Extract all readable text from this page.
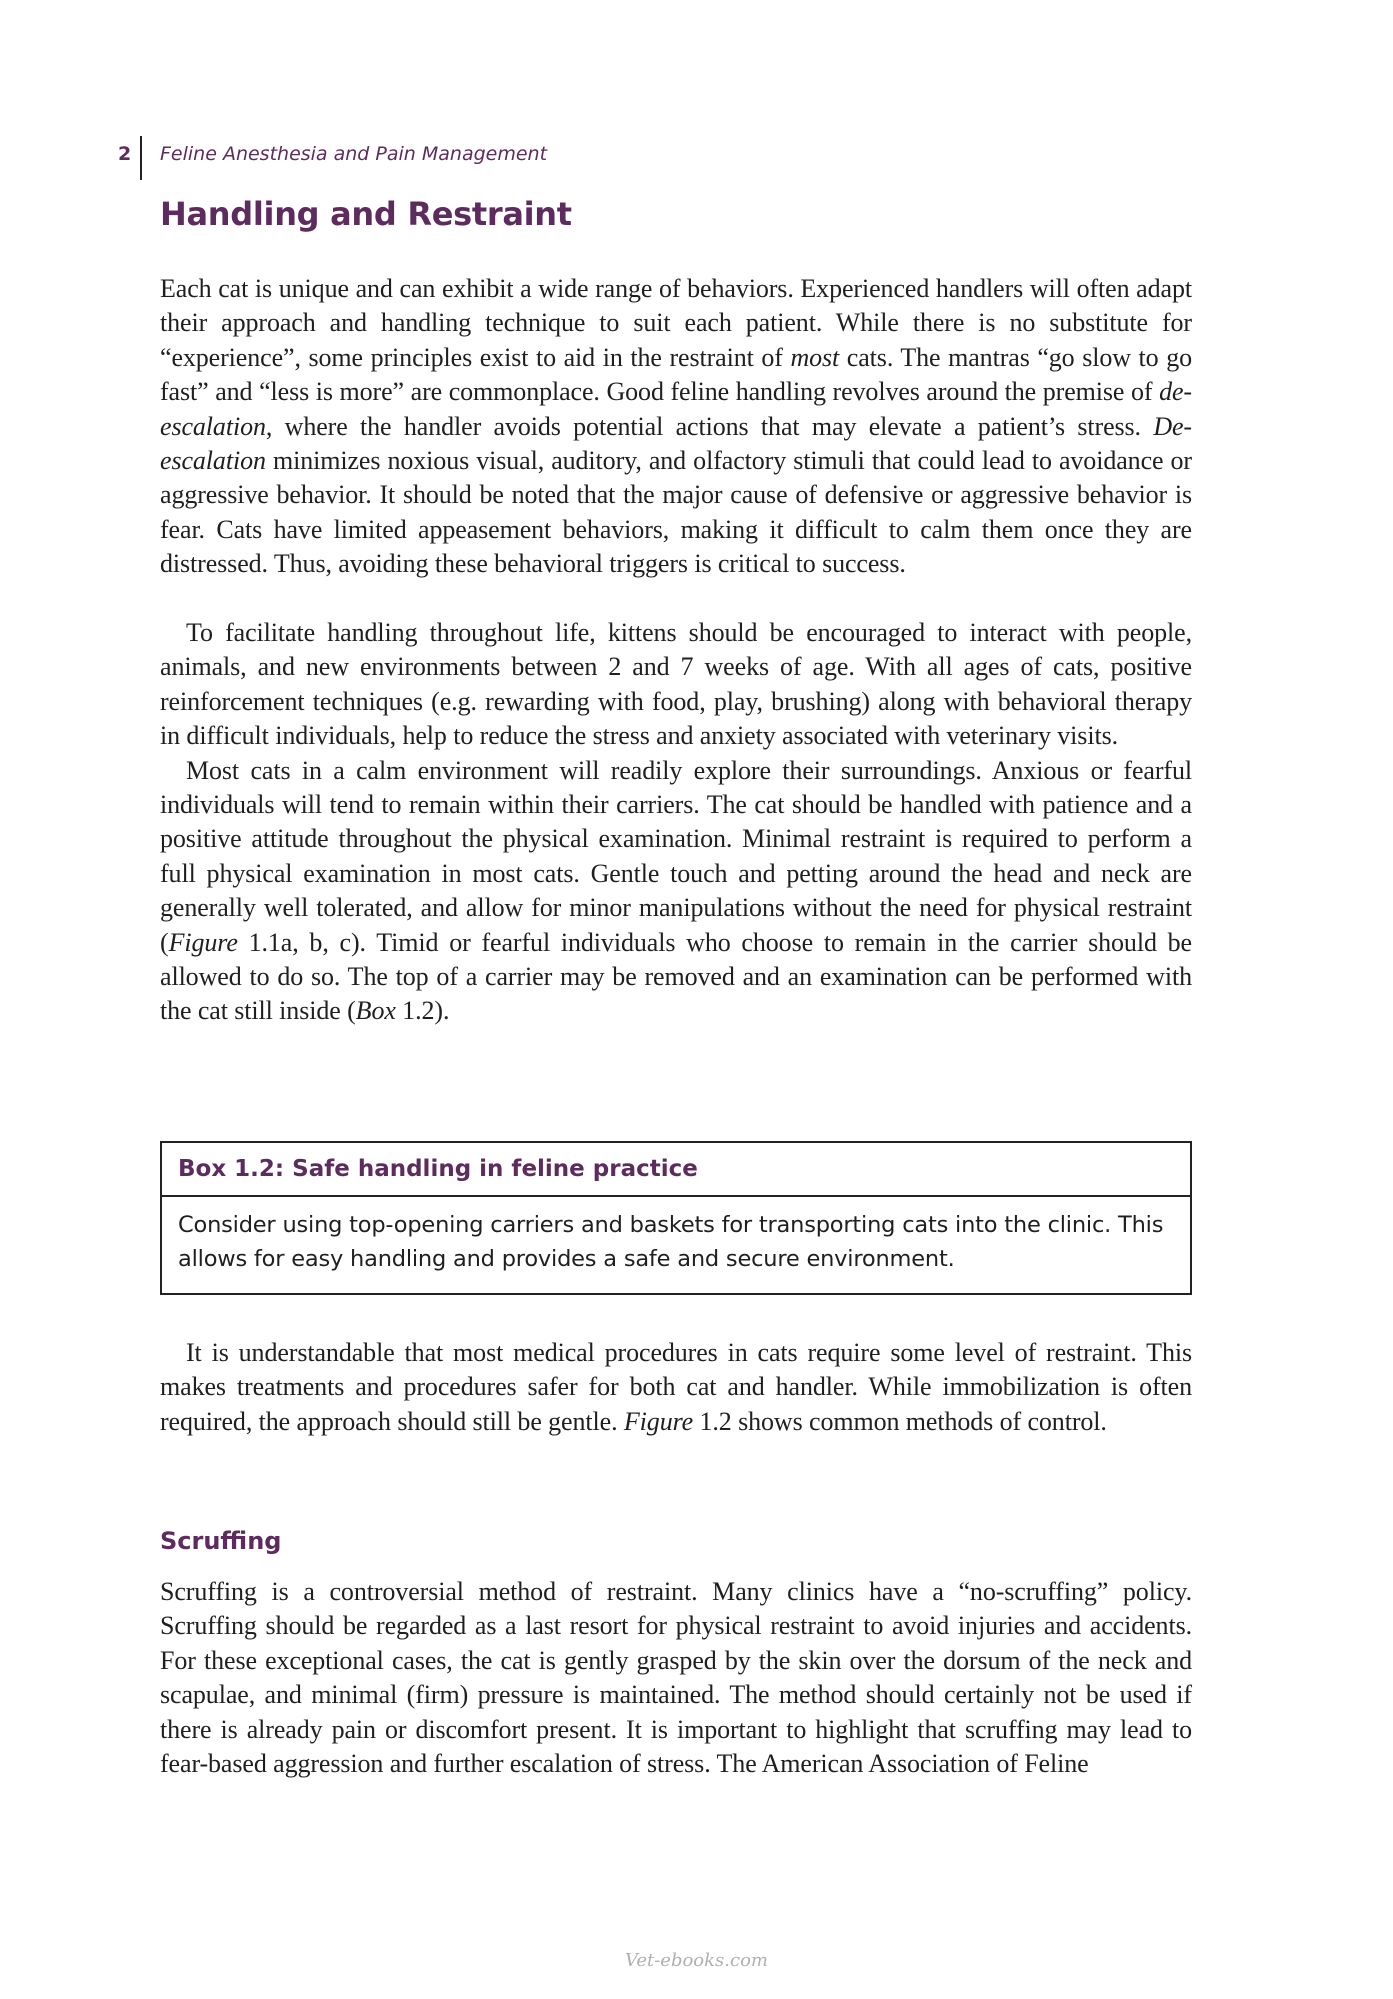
2 Feline Anesthesia and Pain Management
Handling and Restraint

Each cat is unique and can exhibit a wide range of behaviors. Experienced handlers will often adapt their approach and handling technique to suit each patient. While there is no substitute for “experience”, some principles exist to aid in the restraint of most cats. The mantras “go slow to go fast” and “less is more” are commonplace. Good feline handling revolves around the premise of de-escalation, where the handler avoids potential actions that may elevate a patient’s stress. De-escalation minimizes noxious visual, auditory, and olfactory stimuli that could lead to avoidance or aggressive behavior. It should be noted that the major cause of defensive or aggressive behavior is fear. Cats have limited appeasement behaviors, making it difficult to calm them once they are distressed. Thus, avoiding these behavioral triggers is critical to success.

To facilitate handling throughout life, kittens should be encouraged to interact with people, animals, and new environments between 2 and 7 weeks of age. With all ages of cats, positive reinforcement techniques (e.g. rewarding with food, play, brushing) along with behavioral therapy in difficult individuals, help to reduce the stress and anxiety associated with veterinary visits.

Most cats in a calm environment will readily explore their surroundings. Anxious or fearful individuals will tend to remain within their carriers. The cat should be handled with patience and a positive attitude throughout the physical examination. Minimal restraint is required to perform a full physical examination in most cats. Gentle touch and petting around the head and neck are generally well tolerated, and allow for minor manipulations without the need for physical restraint (Figure 1.1a, b, c). Timid or fearful individuals who choose to remain in the carrier should be allowed to do so. The top of a carrier may be removed and an examination can be performed with the cat still inside (Box 1.2).

Box 1.2: Safe handling in feline practice
Consider using top-opening carriers and baskets for transporting cats into the clinic. This allows for easy handling and provides a safe and secure environment.

It is understandable that most medical procedures in cats require some level of restraint. This makes treatments and procedures safer for both cat and handler. While immobilization is often required, the approach should still be gentle. Figure 1.2 shows common methods of control.

Scruffing

Scruffing is a controversial method of restraint. Many clinics have a “no-scruffing” policy. Scruffing should be regarded as a last resort for physical restraint to avoid injuries and accidents. For these exceptional cases, the cat is gently grasped by the skin over the dorsum of the neck and scapulae, and minimal (firm) pressure is maintained. The method should certainly not be used if there is already pain or discomfort present. It is important to highlight that scruffing may lead to fear-based aggression and further escalation of stress. The American Association of Feline

Vet-ebooks.com
